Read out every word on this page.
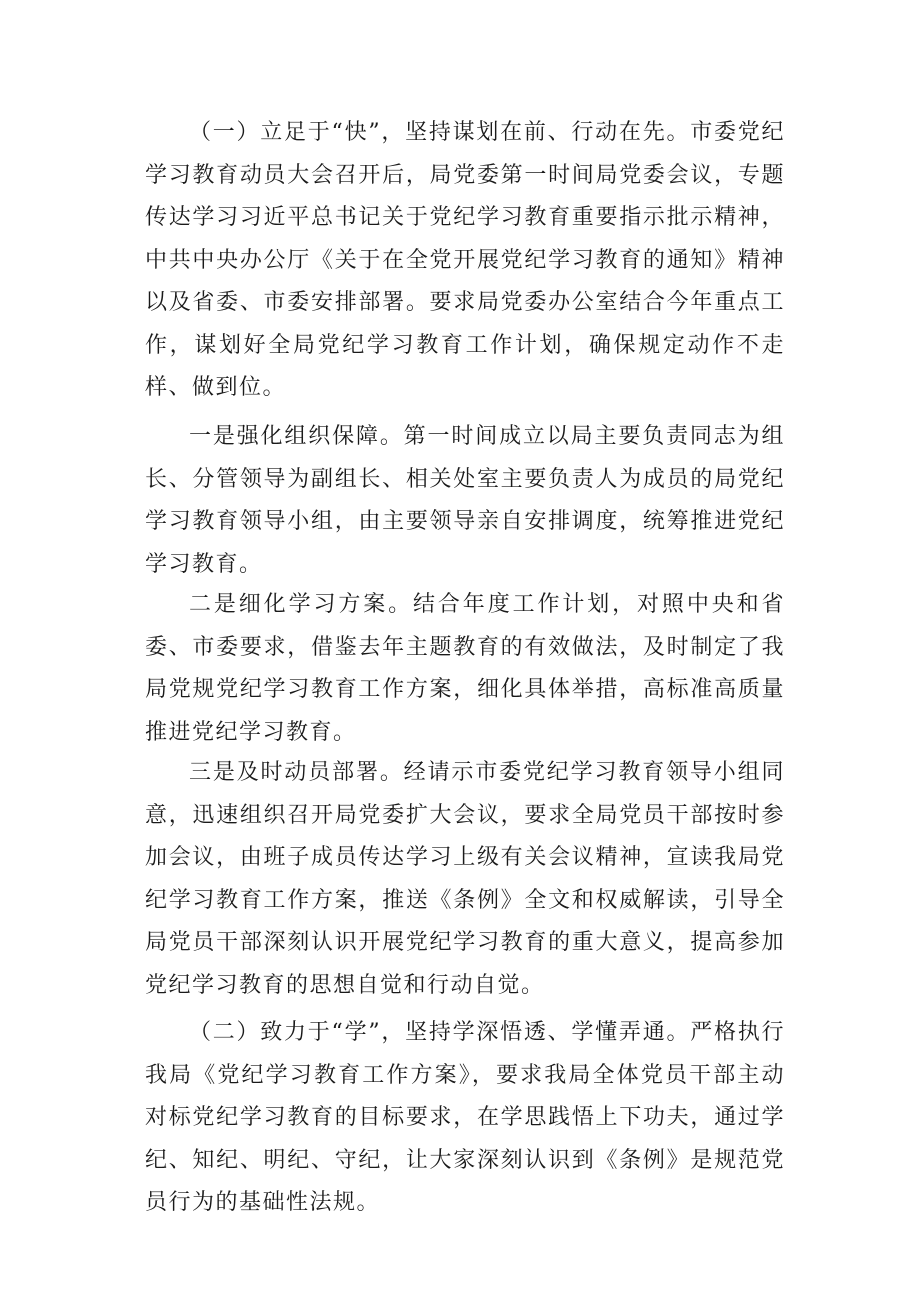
（一）立足于“快”，坚持谋划在前、行动在先。市委党纪学习教育动员大会召开后，局党委第一时间局党委会议，专题传达学习习近平总书记关于党纪学习教育重要指示批示精神，中共中央办公厅《关于在全党开展党纪学习教育的通知》精神以及省委、市委安排部署。要求局党委办公室结合今年重点工作，谋划好全局党纪学习教育工作计划，确保规定动作不走样、做到位。

一是强化组织保障。第一时间成立以局主要负责同志为组长、分管领导为副组长、相关处室主要负责人为成员的局党纪学习教育领导小组，由主要领导亲自安排调度，统筹推进党纪学习教育。

二是细化学习方案。结合年度工作计划，对照中央和省委、市委要求，借鉴去年主题教育的有效做法，及时制定了我局党规党纪学习教育工作方案，细化具体举措，高标准高质量推进党纪学习教育。

三是及时动员部署。经请示市委党纪学习教育领导小组同意，迅速组织召开局党委扩大会议，要求全局党员干部按时参加会议，由班子成员传达学习上级有关会议精神，宣读我局党纪学习教育工作方案，推送《条例》全文和权威解读，引导全局党员干部深刻认识开展党纪学习教育的重大意义，提高参加党纪学习教育的思想自觉和行动自觉。

（二）致力于“学”，坚持学深悟透、学懂弄通。严格执行我局《党纪学习教育工作方案》，要求我局全体党员干部主动对标党纪学习教育的目标要求，在学思践悟上下功夫，通过学纪、知纪、明纪、守纪，让大家深刻认识到《条例》是规范党员行为的基础性法规。
